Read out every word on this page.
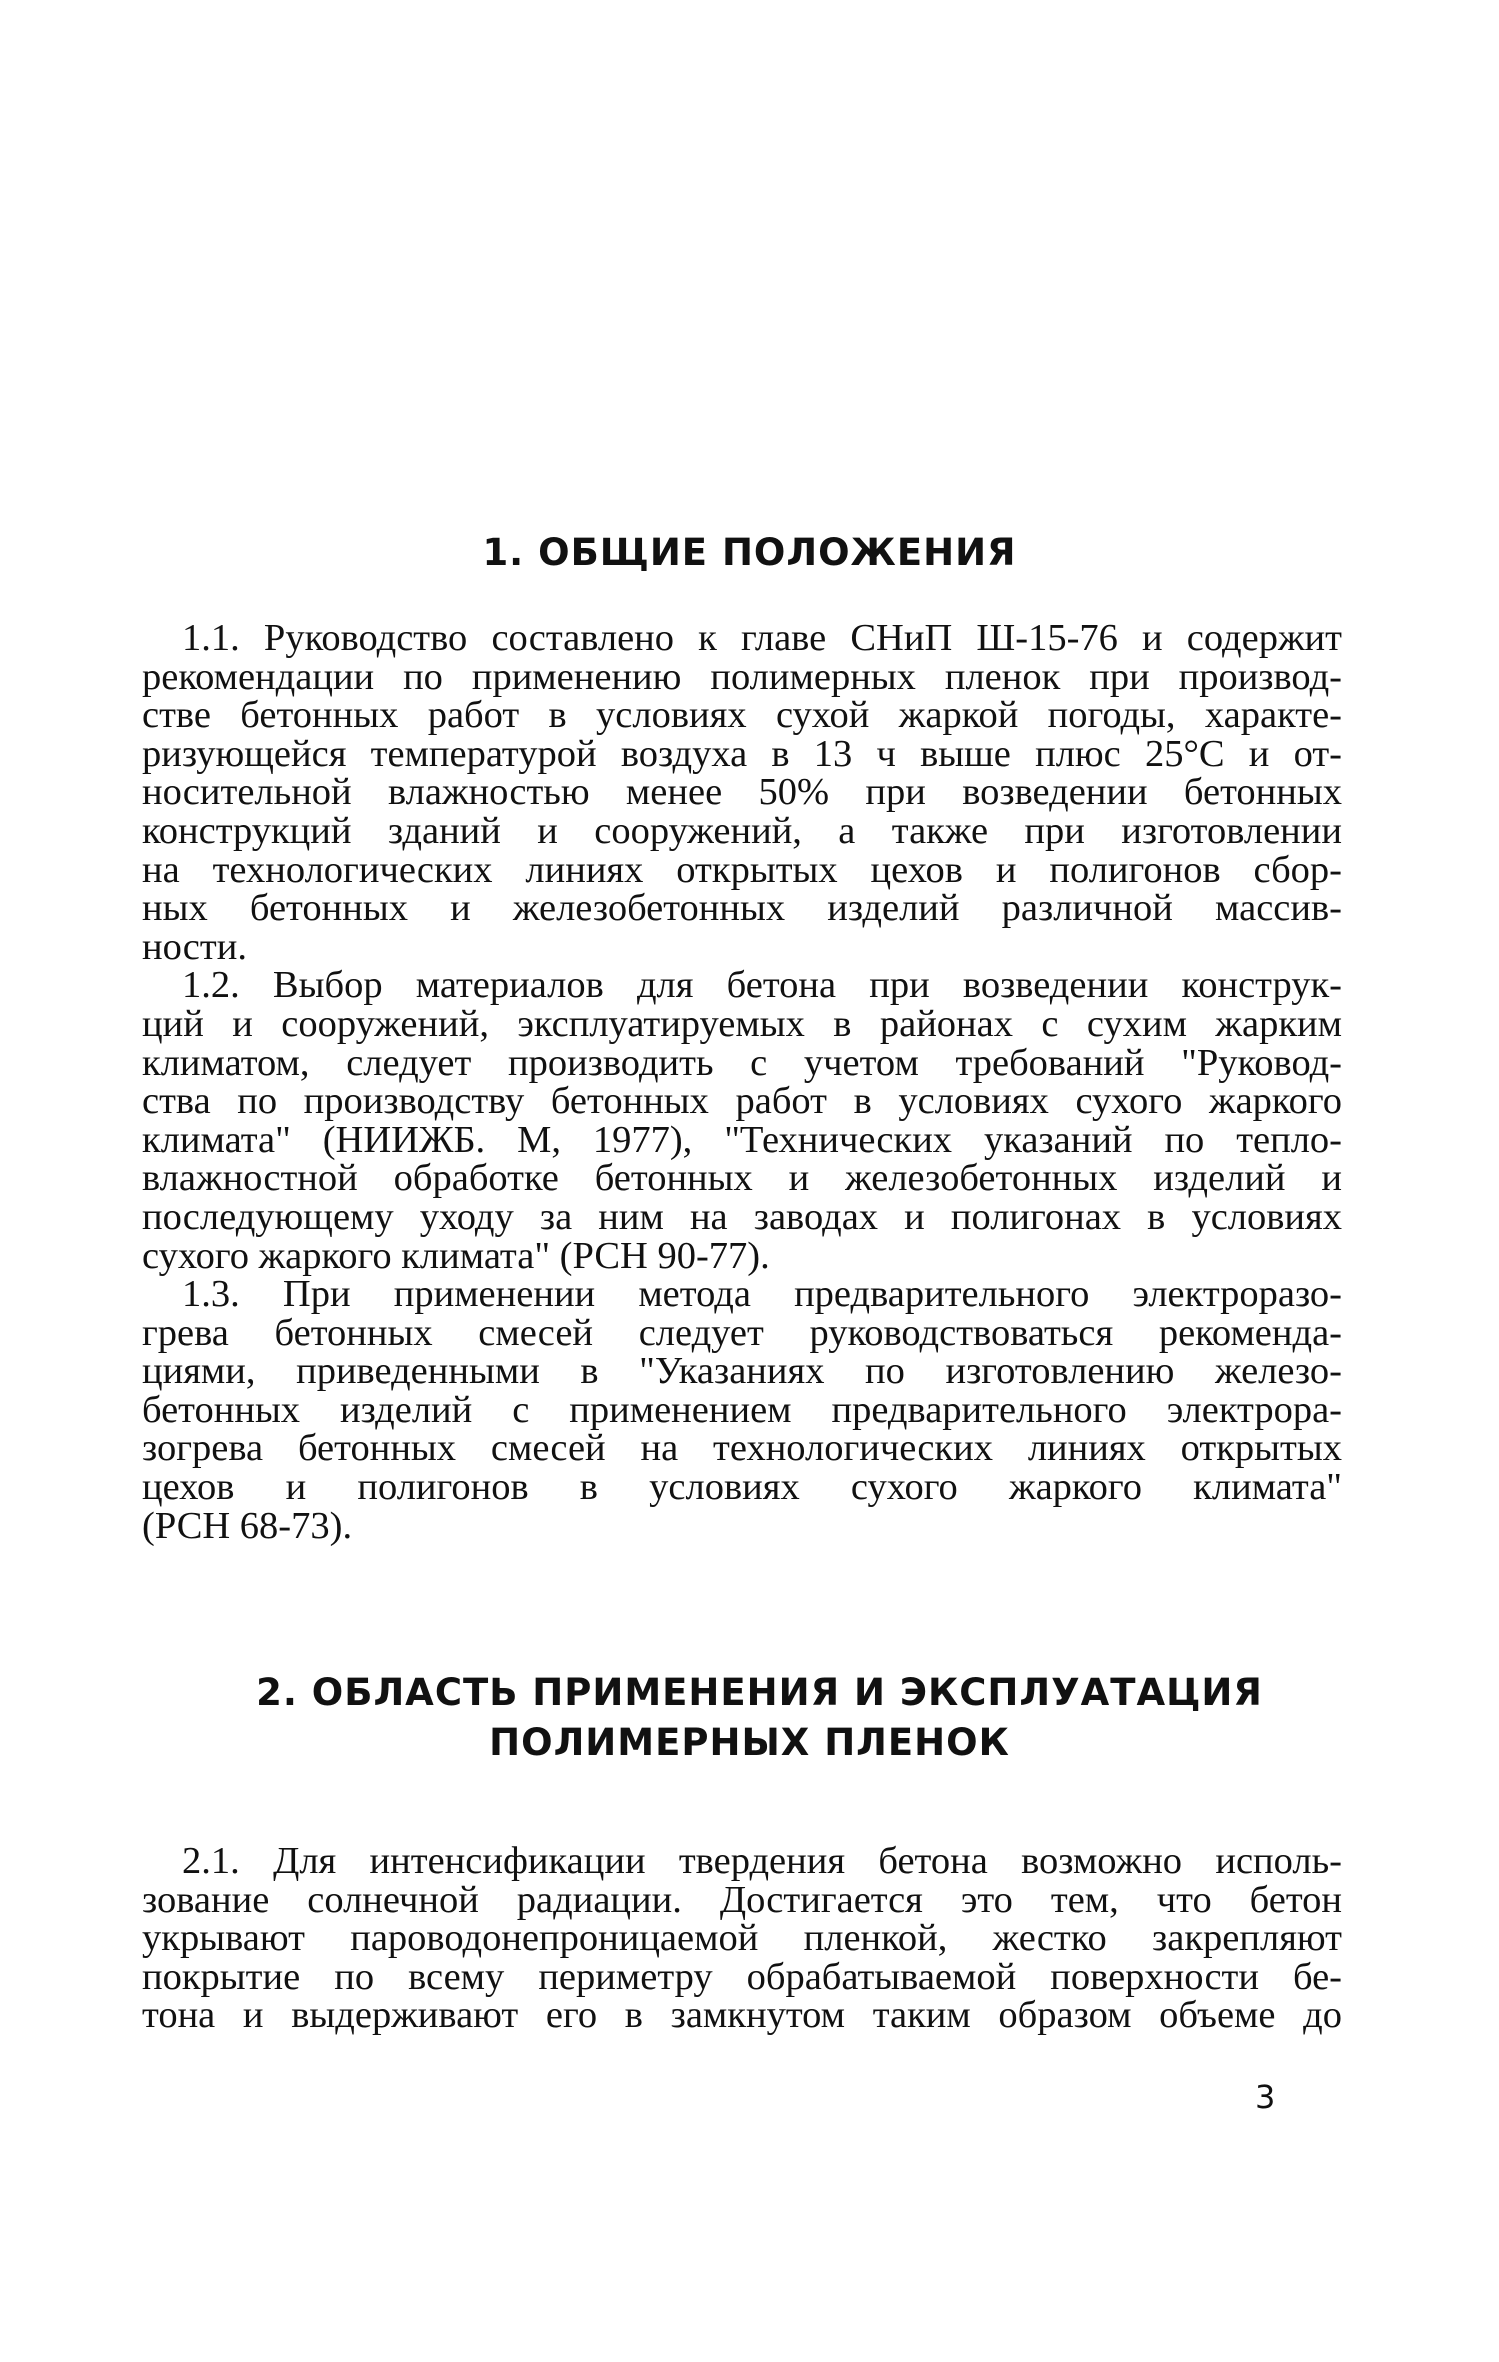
1. ОБЩИЕ ПОЛОЖЕНИЯ

1.1. Руководство составлено к главе СНиП Ш-15-76 и содержит
рекомендации по применению полимерных пленок при производ-
стве бетонных работ в условиях сухой жаркой погоды, характе-
ризующейся температурой воздуха в 13 ч выше плюс 25°С и от-
носительной влажностью менее 50% при возведении бетонных
конструкций зданий и сооружений, а также при изготовлении
на технологических линиях открытых цехов и полигонов сбор-
ных бетонных и железобетонных изделий различной массив-
ности.

1.2. Выбор материалов для бетона при возведении конструк-
ций и сооружений, эксплуатируемых в районах с сухим жарким
климатом, следует производить с учетом требований "Руковод-
ства по производству бетонных работ в условиях сухого жаркого
климата" (НИИЖБ. М, 1977), "Технических указаний по тепло-
влажностной обработке бетонных и железобетонных изделий и
последующему уходу за ним на заводах и полигонах в условиях
сухого жаркого климата" (РСН 90-77).

1.3. При применении метода предварительного электроразо-
грева бетонных смесей следует руководствоваться рекоменда-
циями, приведенными в "Указаниях по изготовлению железо-
бетонных изделий с применением предварительного электрора-
зогрева бетонных смесей на технологических линиях открытых
цехов и полигонов в условиях сухого жаркого климата"
(РСН 68-73).

2. ОБЛАСТЬ ПРИМЕНЕНИЯ И ЭКСПЛУАТАЦИЯ
ПОЛИМЕРНЫХ ПЛЕНОК

2.1. Для интенсификации твердения бетона возможно исполь-
зование солнечной радиации. Достигается это тем, что бетон
укрывают пароводонепроницаемой пленкой, жестко закрепляют
покрытие по всему периметру обрабатываемой поверхности бе-
тона и выдерживают его в замкнутом таким образом объеме до

3
